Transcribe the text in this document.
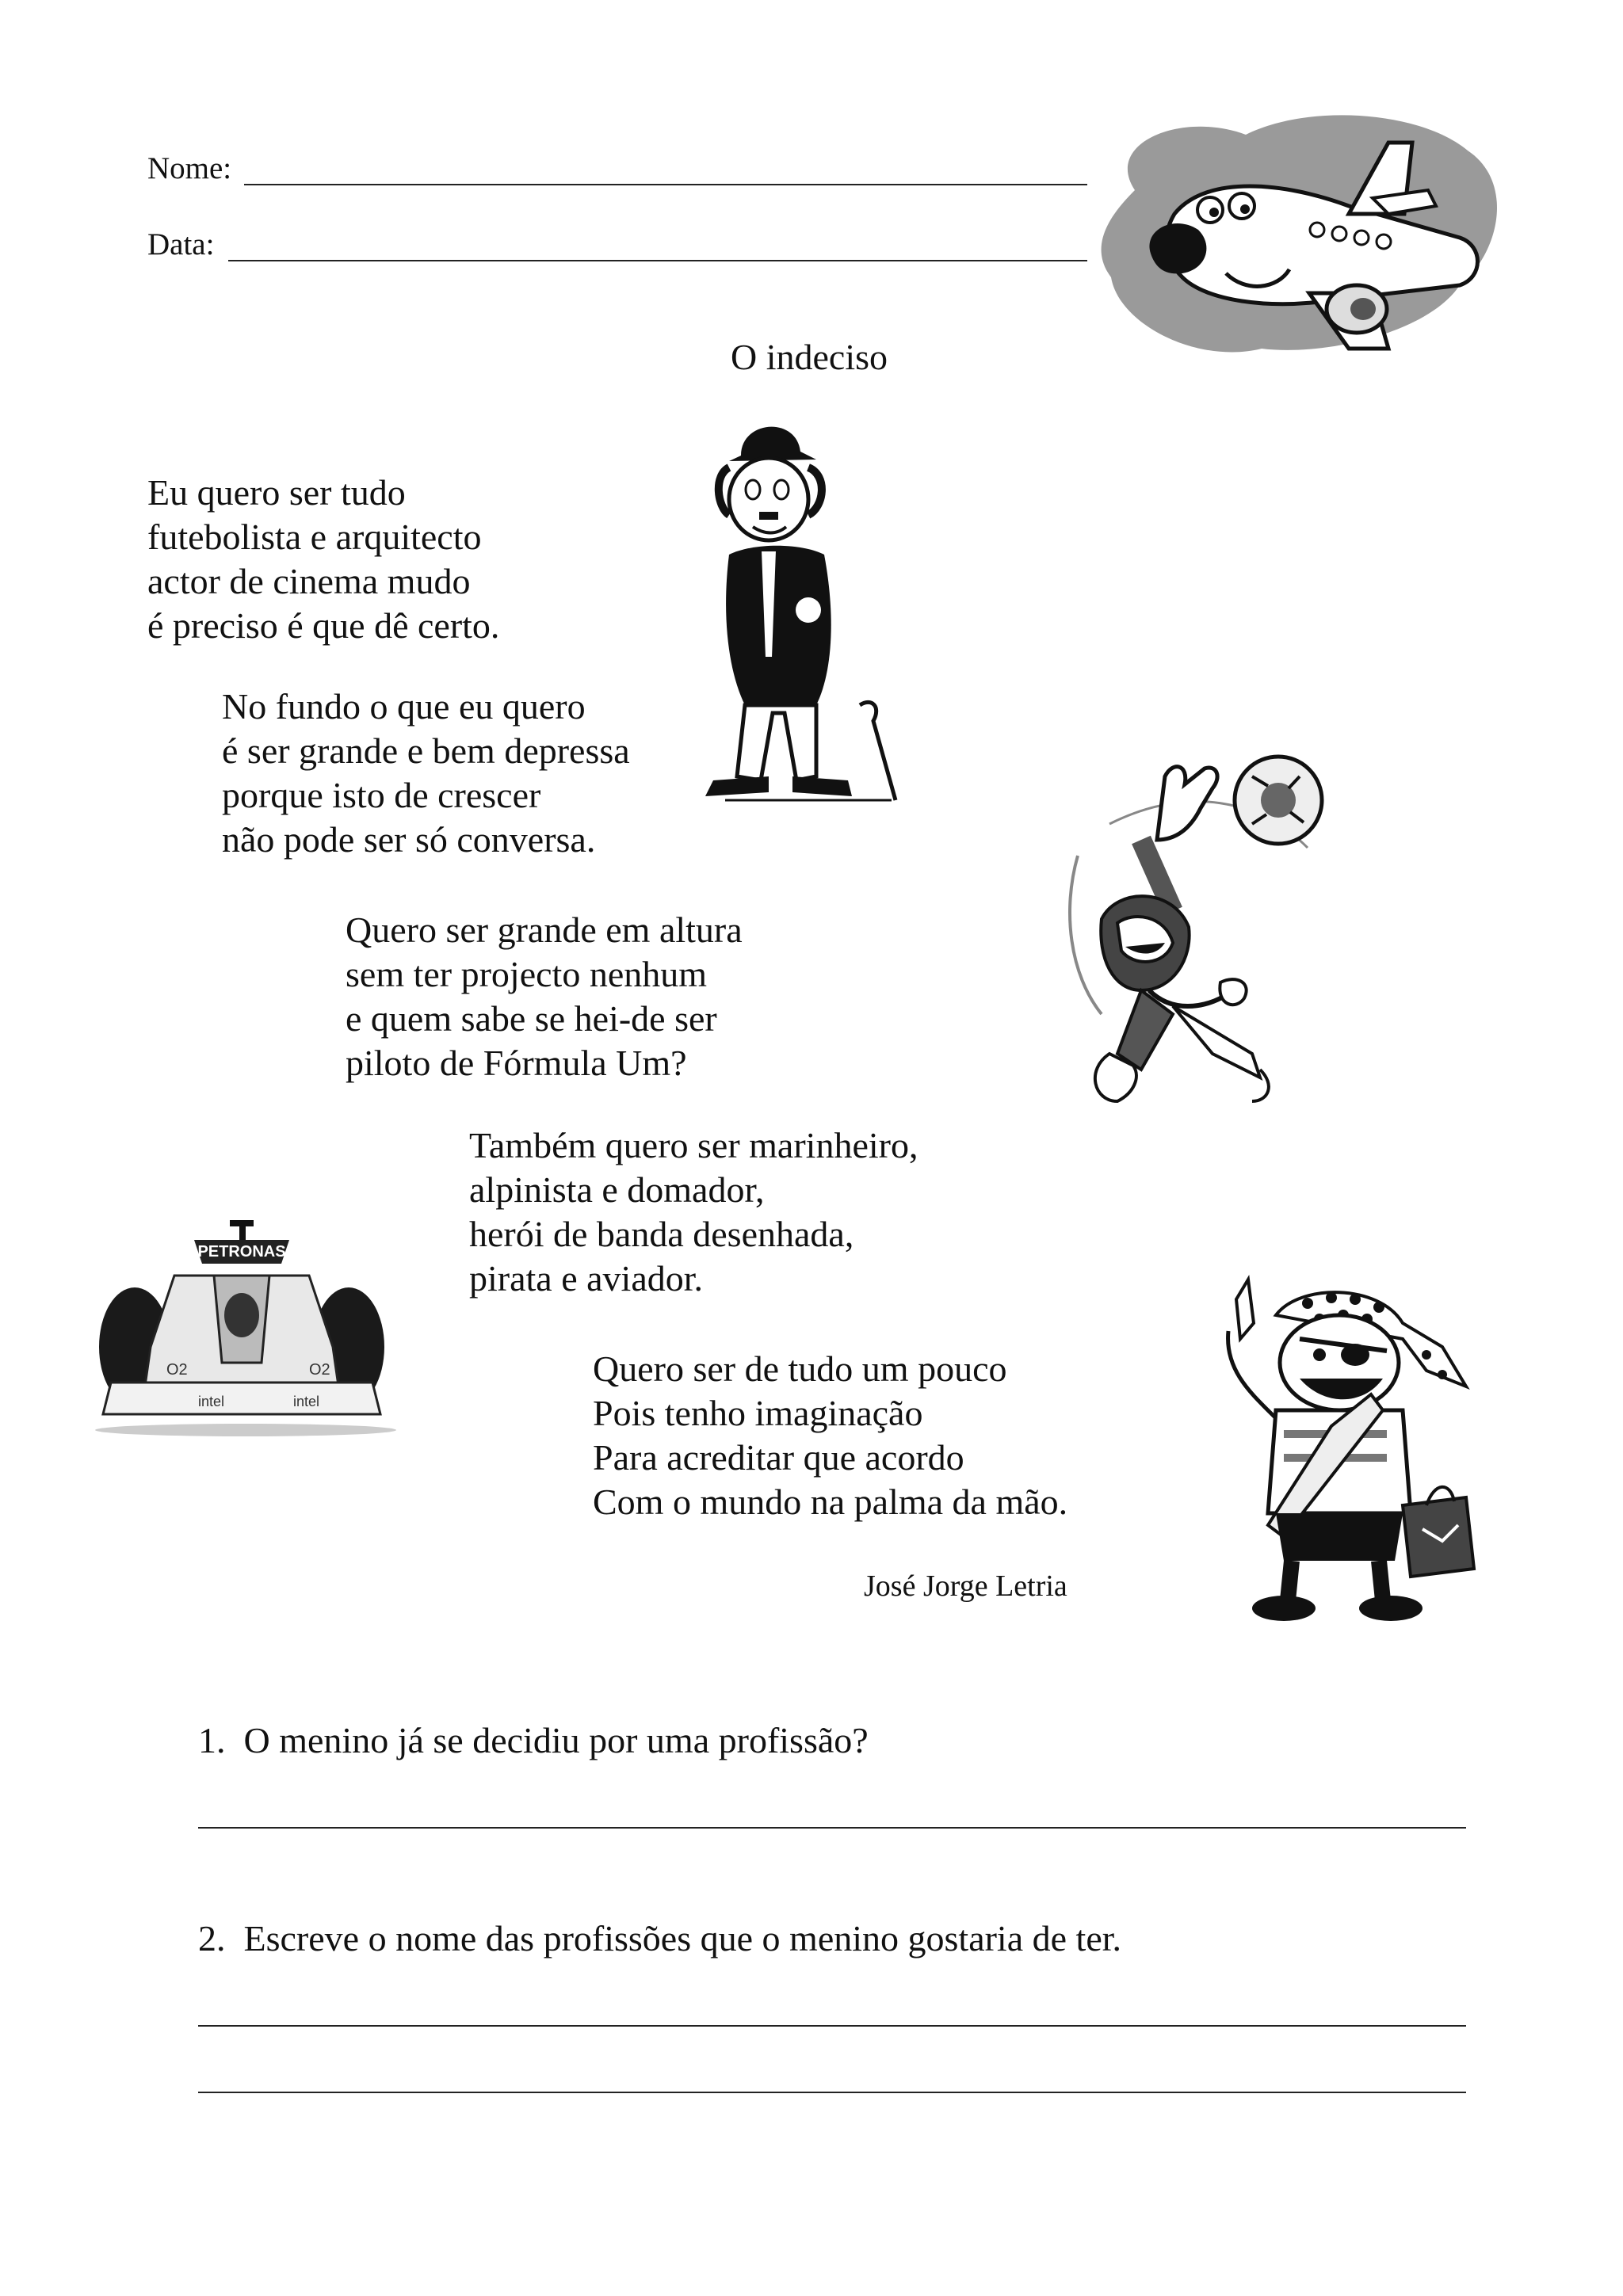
Nome:
Data:
O indeciso
Eu quero ser tudo
futebolista e arquitecto
actor de cinema mudo
é preciso é que dê certo.
No fundo o que eu quero
é ser grande e bem depressa
porque isto de crescer
não pode ser só conversa.
Quero ser grande em altura
sem ter projecto nenhum
e quem sabe se hei-de ser
piloto de Fórmula Um?
Também quero ser marinheiro,
alpinista e domador,
herói de banda desenhada,
pirata e aviador.
Quero ser de tudo um pouco
Pois tenho imaginação
Para acreditar que acordo
Com o mundo na palma da mão.
José Jorge Letria
PETRONAS
intel	intel
O2	O2
1. O menino já se decidiu por uma profissão?
2. Escreve o nome das profissões que o menino gostaria de ter.
